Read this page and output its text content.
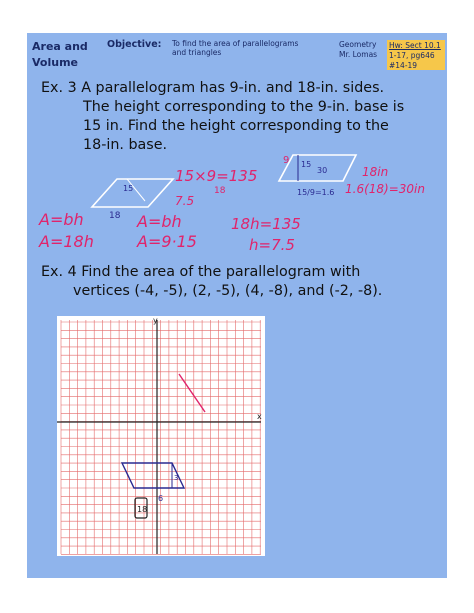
Area and Volume
Objective: To find the area of parallelograms and triangles
Geometry
Mr. Lomas
Hw: Sect 10.1
1-17, pg646
#14-19
Ex. 3 A parallelogram has 9-in. and 18-in. sides.
The height corresponding to the 9-in. base is
15 in. Find the height corresponding to the
18-in. base.
Ex. 4 Find the area of the parallelogram with
vertices (-4, -5), (2, -5), (4, -8), and (-2, -8).
15
18
15×9=135
18
7.5
9 15
30	18in
15/9=1.6 1.6(18)=30in
A=bh
A=18h
A=bh
A=9·15
18h=135
h=7.5
x
y
3
6
18
